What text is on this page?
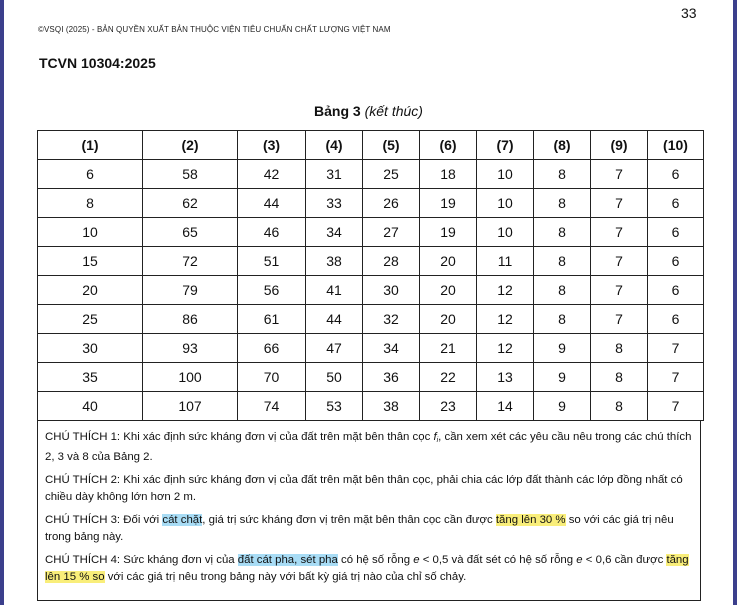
33
©VSQI (2025) - BẢN QUYỀN XUẤT BẢN THUỘC VIỆN TIÊU CHUẨN CHẤT LƯỢNG VIỆT NAM
TCVN 10304:2025
Bảng 3 (kết thúc)
(1)	(2)	(3)	(4)	(5)	(6)	(7)	(8)	(9)	(10)
6	58	42	31	25	18	10	8	7	6
8	62	44	33	26	19	10	8	7	6
10	65	46	34	27	19	10	8	7	6
15	72	51	38	28	20	11	8	7	6
20	79	56	41	30	20	12	8	7	6
25	86	61	44	32	20	12	8	7	6
30	93	66	47	34	21	12	9	8	7
35	100	70	50	36	22	13	9	8	7
40	107	74	53	38	23	14	9	8	7
CHÚ THÍCH 1: Khi xác định sức kháng đơn vị của đất trên mặt bên thân cọc $f_i$, cần xem xét các yêu cầu nêu trong các chú thích 2, 3 và 8 của Bảng 2.
CHÚ THÍCH 2: Khi xác định sức kháng đơn vị của đất trên mặt bên thân cọc, phải chia các lớp đất thành các lớp đồng nhất có chiều dày không lớn hơn 2 m.
CHÚ THÍCH 3: Đối với cát chặt, giá trị sức kháng đơn vị trên mặt bên thân cọc cần được tăng lên 30 % so với các giá trị nêu trong bảng này.
CHÚ THÍCH 4: Sức kháng đơn vị của đất cát pha, sét pha có hệ số rỗng e < 0,5 và đất sét có hệ số rỗng e < 0,6 cần được tăng lên 15 % so với các giá trị nêu trong bảng này với bất kỳ giá trị nào của chỉ số chảy.
